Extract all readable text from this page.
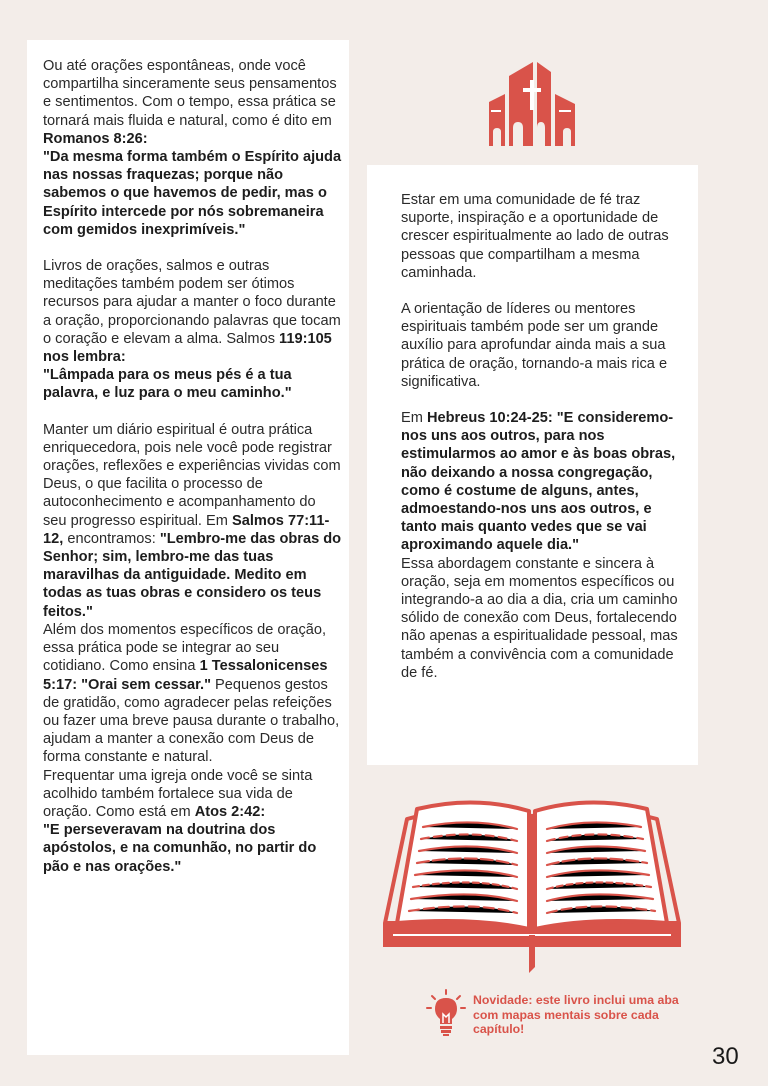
Ou até orações espontâneas, onde você compartilha sinceramente seus pensamentos e sentimentos. Com o tempo, essa prática se tornará mais fluida e natural, como é dito em Romanos 8:26:
"Da mesma forma também o Espírito ajuda nas nossas fraquezas; porque não sabemos o que havemos de pedir, mas o Espírito intercede por nós sobremaneira com gemidos inexprimíveis."

Livros de orações, salmos e outras meditações também podem ser ótimos recursos para ajudar a manter o foco durante a oração, proporcionando palavras que tocam o coração e elevam a alma. Salmos 119:105 nos lembra:
"Lâmpada para os meus pés é a tua palavra, e luz para o meu caminho."

Manter um diário espiritual é outra prática enriquecedora, pois nele você pode registrar orações, reflexões e experiências vividas com Deus, o que facilita o processo de autoconhecimento e acompanhamento do seu progresso espiritual. Em Salmos 77:11-12, encontramos: "Lembro-me das obras do Senhor; sim, lembro-me das tuas maravilhas da antiguidade. Medito em todas as tuas obras e considero os teus feitos."

Além dos momentos específicos de oração, essa prática pode se integrar ao seu cotidiano. Como ensina 1 Tessalonicenses 5:17: "Orai sem cessar." Pequenos gestos de gratidão, como agradecer pelas refeições ou fazer uma breve pausa durante o trabalho, ajudam a manter a conexão com Deus de forma constante e natural.

Frequentar uma igreja onde você se sinta acolhido também fortalece sua vida de oração. Como está em Atos 2:42:
"E perseveravam na doutrina dos apóstolos, e na comunhão, no partir do pão e nas orações."

Estar em uma comunidade de fé traz suporte, inspiração e a oportunidade de crescer espiritualmente ao lado de outras pessoas que compartilham a mesma caminhada.

A orientação de líderes ou mentores espirituais também pode ser um grande auxílio para aprofundar ainda mais a sua prática de oração, tornando-a mais rica e significativa.

Em Hebreus 10:24-25: "E consideremo-nos uns aos outros, para nos estimularmos ao amor e às boas obras, não deixando a nossa congregação, como é costume de alguns, antes, admoestando-nos uns aos outros, e tanto mais quanto vedes que se vai aproximando aquele dia."

Essa abordagem constante e sincera à oração, seja em momentos específicos ou integrando-a ao dia a dia, cria um caminho sólido de conexão com Deus, fortalecendo não apenas a espiritualidade pessoal, mas também a convivência com a comunidade de fé.

Novidade: este livro inclui uma aba com mapas mentais sobre cada capítulo!
30
